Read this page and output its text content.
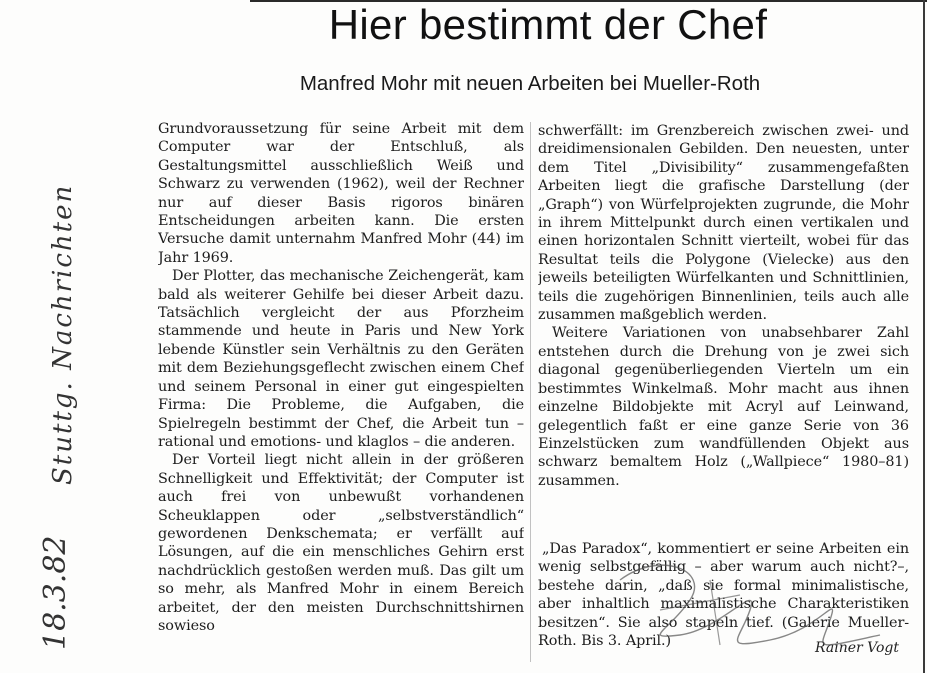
Hier bestimmt der Chef
Manfred Mohr mit neuen Arbeiten bei Mueller-Roth

Grundvoraussetzung für seine Arbeit mit dem Computer war der Entschluß, als Gestaltungsmittel ausschließlich Weiß und Schwarz zu verwenden (1962), weil der Rechner nur auf dieser Basis rigoros binären Entscheidungen arbeiten kann. Die ersten Versuche damit unternahm Manfred Mohr (44) im Jahr 1969.

Der Plotter, das mechanische Zeichengerät, kam bald als weiterer Gehilfe bei dieser Arbeit dazu. Tatsächlich vergleicht der aus Pforzheim stammende und heute in Paris und New York lebende Künstler sein Verhältnis zu den Geräten mit dem Beziehungsgeflecht zwischen einem Chef und seinem Personal in einer gut eingespielten Firma: Die Probleme, die Aufgaben, die Spielregeln bestimmt der Chef, die Arbeit tun – rational und emotions- und klaglos – die anderen.

Der Vorteil liegt nicht allein in der größeren Schnelligkeit und Effektivität; der Computer ist auch frei von unbewußt vorhandenen Scheuklappen oder „selbstverständlich“ gewordenen Denkschemata; er verfällt auf Lösungen, auf die ein menschliches Gehirn erst nachdrücklich gestoßen werden muß. Das gilt um so mehr, als Manfred Mohr in einem Bereich arbeitet, der den meisten Durchschnittshirnen sowieso

schwerfällt: im Grenzbereich zwischen zwei- und dreidimensionalen Gebilden. Den neuesten, unter dem Titel „Divisibility“ zusammengefaßten Arbeiten liegt die grafische Darstellung (der „Graph“) von Würfelprojekten zugrunde, die Mohr in ihrem Mittelpunkt durch einen vertikalen und einen horizontalen Schnitt vierteilt, wobei für das Resultat teils die Polygone (Vielecke) aus den jeweils beteiligten Würfelkanten und Schnittlinien, teils die zugehörigen Binnenlinien, teils auch alle zusammen maßgeblich werden.

Weitere Variationen von unabsehbarer Zahl entstehen durch die Drehung von je zwei sich diagonal gegenüberliegenden Vierteln um ein bestimmtes Winkelmaß. Mohr macht aus ihnen einzelne Bildobjekte mit Acryl auf Leinwand, gelegentlich faßt er eine ganze Serie von 36 Einzelstücken zum wandfüllenden Objekt aus schwarz bemaltem Holz („Wallpiece“ 1980–81) zusammen.

„Das Paradox“, kommentiert er seine Arbeiten ein wenig selbstgefällig – aber warum auch nicht?–, bestehe darin, „daß sie formal minimalistische, aber inhaltlich maximalistische Charakteristiken besitzen“. Sie also stapeln tief. (Galerie Mueller-Roth. Bis 3. April.)	Rainer Vogt
18.3.82
Stuttg. Nachrichten
